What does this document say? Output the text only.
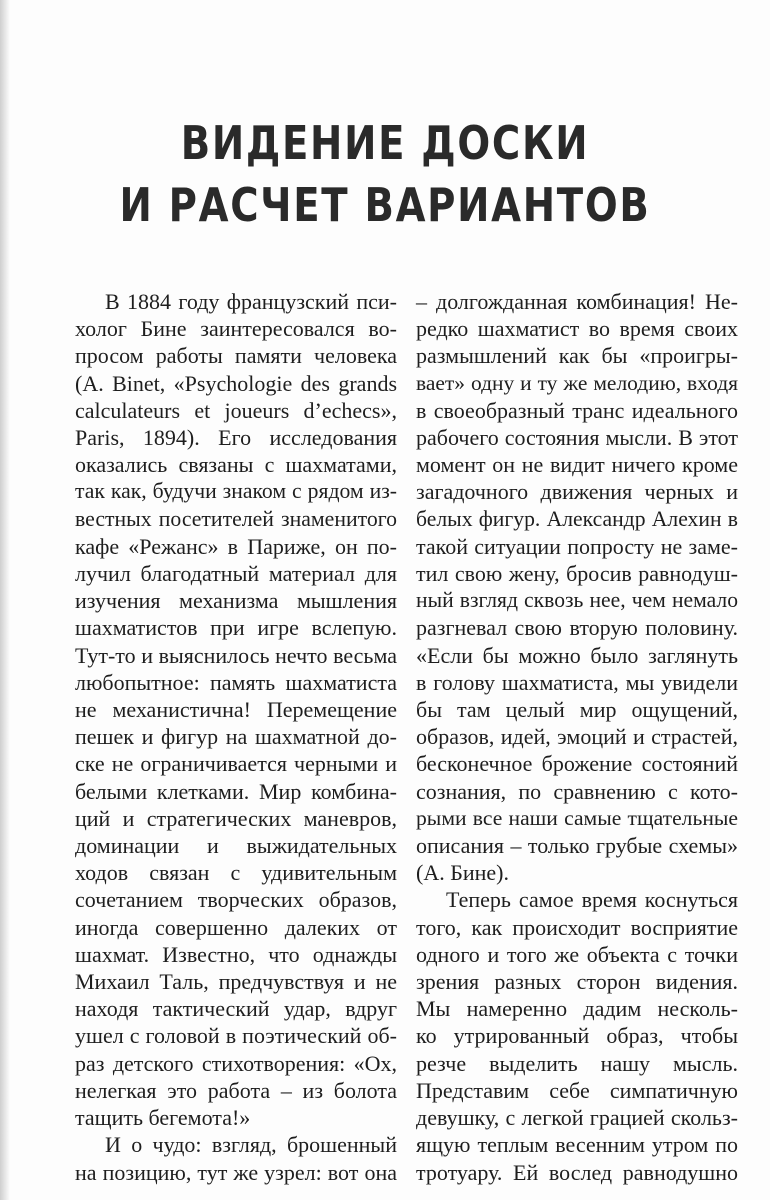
ВИДЕНИЕ ДОСКИ
И РАСЧЕТ ВАРИАНТОВ
В 1884 году французский пси-
холог Бине заинтересовался во-
просом работы памяти человека
(A. Binet, «Psychologie des grands
calculateurs et joueurs d’echecs»,
Paris, 1894). Его исследования
оказались связаны с шахматами,
так как, будучи знаком с рядом из-
вестных посетителей знаменитого
кафе «Режанс» в Париже, он по-
лучил благодатный материал для
изучения механизма мышления
шахматистов при игре вслепую.
Тут-то и выяснилось нечто весьма
любопытное: память шахматиста
не механистична! Перемещение
пешек и фигур на шахматной до-
ске не ограничивается черными и
белыми клетками. Мир комбина-
ций и стратегических маневров,
доминации и выжидательных
ходов связан с удивительным
сочетанием творческих образов,
иногда совершенно далеких от
шахмат. Известно, что однажды
Михаил Таль, предчувствуя и не
находя тактический удар, вдруг
ушел с головой в поэтический об-
раз детского стихотворения: «Ох,
нелегкая это работа – из болота
тащить бегемота!»
И о чудо: взгляд, брошенный
на позицию, тут же узрел: вот она
– долгожданная комбинация! Не-
редко шахматист во время своих
размышлений как бы «проигры-
вает» одну и ту же мелодию, входя
в своеобразный транс идеального
рабочего состояния мысли. В этот
момент он не видит ничего кроме
загадочного движения черных и
белых фигур. Александр Алехин в
такой ситуации попросту не заме-
тил свою жену, бросив равнодуш-
ный взгляд сквозь нее, чем немало
разгневал свою вторую половину.
«Если бы можно было заглянуть
в голову шахматиста, мы увидели
бы там целый мир ощущений,
образов, идей, эмоций и страстей,
бесконечное брожение состояний
сознания, по сравнению с кото-
рыми все наши самые тщательные
описания – только грубые схемы»
(А. Бине).
Теперь самое время коснуться
того, как происходит восприятие
одного и того же объекта с точки
зрения разных сторон видения.
Мы намеренно дадим несколь-
ко утрированный образ, чтобы
резче выделить нашу мысль.
Представим себе симпатичную
девушку, с легкой грацией скольз-
ящую теплым весенним утром по
тротуару. Ей вослед равнодушно
